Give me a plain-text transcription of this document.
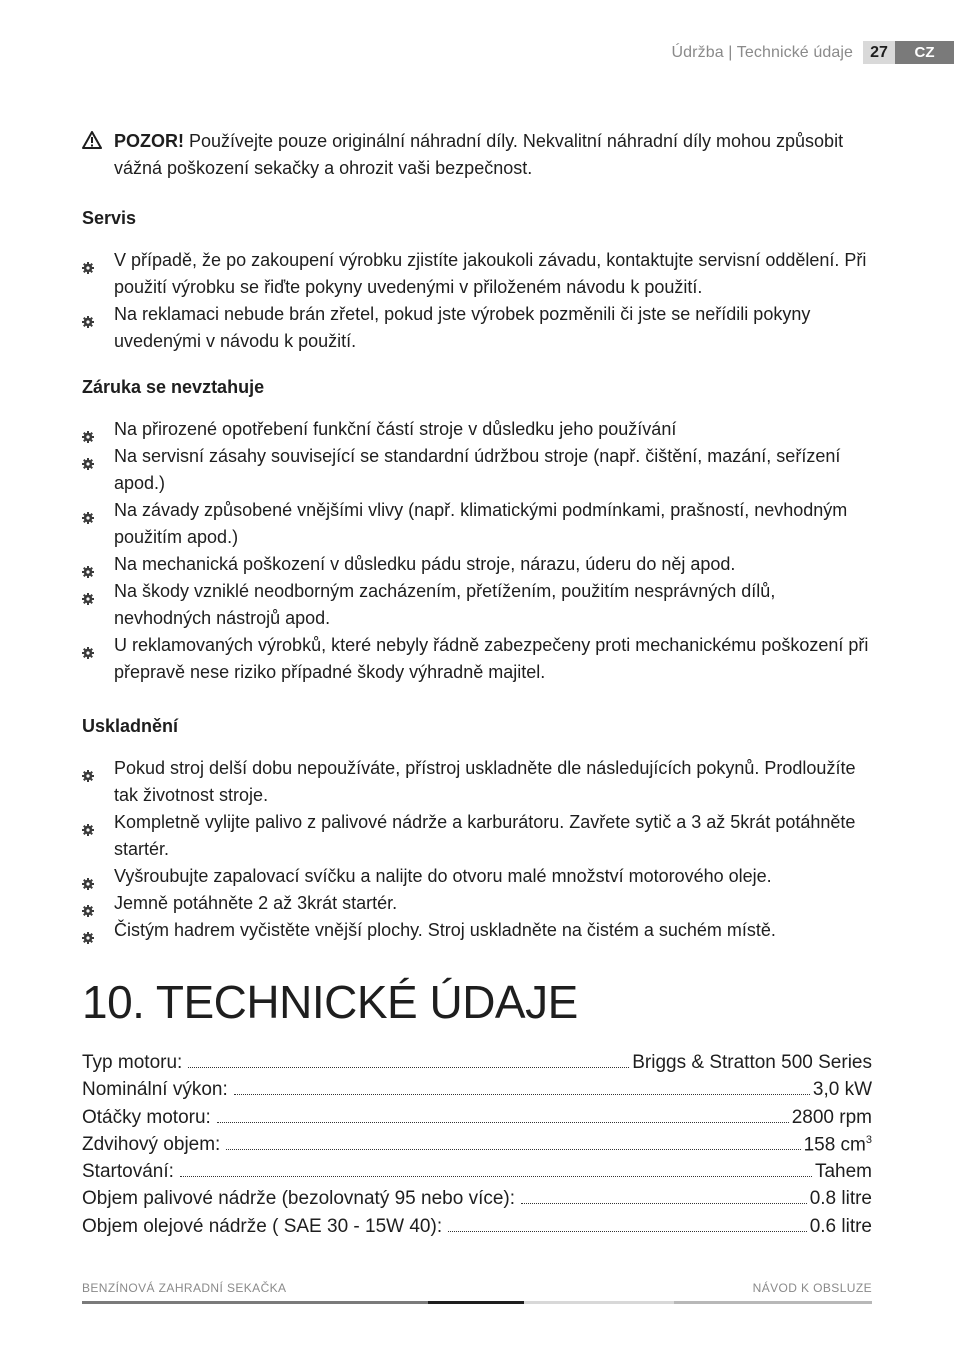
Údržba | Technické údaje	27	CZ
POZOR! Používejte pouze originální náhradní díly. Nekvalitní náhradní díly mohou způsobit vážná poškození sekačky a ohrozit vaši bezpečnost.
Servis
V případě, že po zakoupení výrobku zjistíte jakoukoli závadu, kontaktujte servisní oddělení. Při použití výrobku se řiďte pokyny uvedenými v přiloženém návodu k použití.
Na reklamaci nebude brán zřetel, pokud jste výrobek pozměnili či jste se neřídili pokyny uvedenými v návodu k použití.
Záruka se nevztahuje
Na přirozené opotřebení funkční částí stroje v důsledku jeho používání
Na servisní zásahy související se standardní údržbou stroje (např. čištění, mazání, seřízení apod.)
Na závady způsobené vnějšími vlivy (např. klimatickými podmínkami, prašností, nevhodným použitím apod.)
Na mechanická poškození v důsledku pádu stroje, nárazu, úderu do něj apod.
Na škody vzniklé neodborným zacházením, přetížením, použitím nesprávných dílů, nevhodných nástrojů apod.
U reklamovaných výrobků, které nebyly řádně zabezpečeny proti mechanickému poškození při přepravě nese riziko případné škody výhradně majitel.
Uskladnění
Pokud stroj delší dobu nepoužíváte, přístroj uskladněte dle následujících pokynů. Prodloužíte tak životnost stroje.
Kompletně vylijte palivo z palivové nádrže a karburátoru. Zavřete sytič a 3 až 5krát potáhněte startér.
Vyšroubujte zapalovací svíčku a nalijte do otvoru malé množství motorového oleje.
Jemně potáhněte 2 až 3krát startér.
Čistým hadrem vyčistěte vnější plochy. Stroj uskladněte na čistém a suchém místě.
10. TECHNICKÉ ÚDAJE
Typ motoru:	Briggs & Stratton 500 Series
Nominální výkon:	3,0 kW
Otáčky motoru:	2800 rpm
Zdvihový objem:	158 $cm^3$
Startování:	Tahem
Objem palivové nádrže (bezolovnatý 95 nebo více):	0.8 litre
Objem olejové nádrže ( SAE 30 - 15W 40):	0.6 litre
BENZÍNOVÁ ZAHRADNÍ SEKAČKA	NÁVOD K OBSLUZE
